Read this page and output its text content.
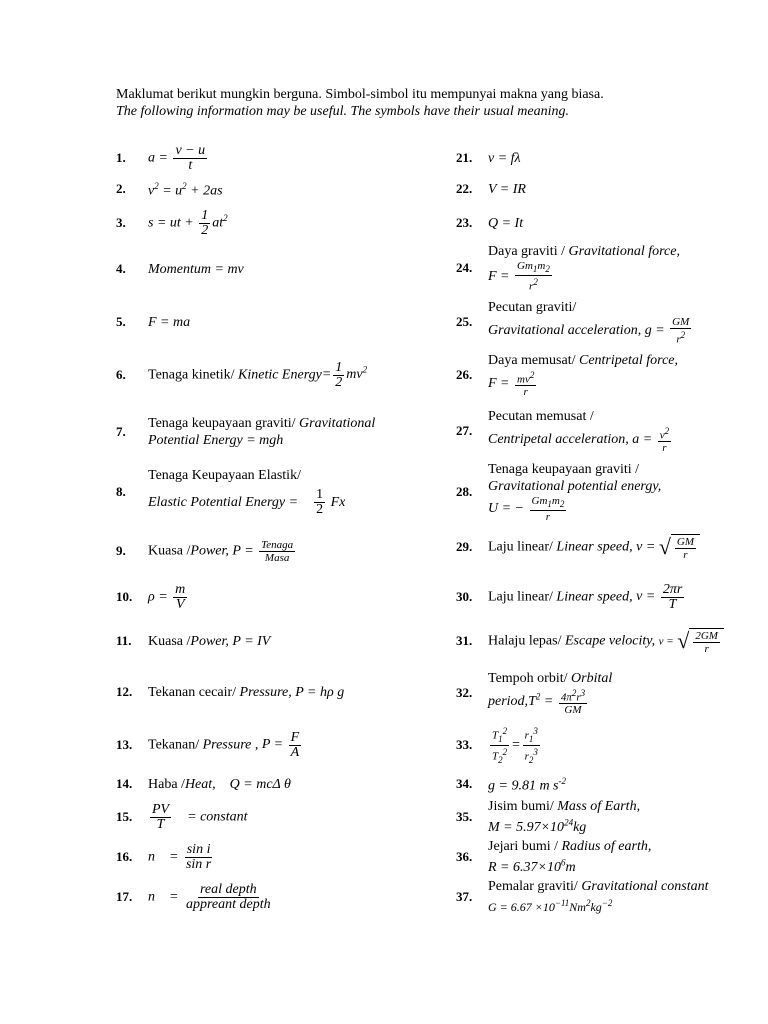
Maklumat berikut mungkin berguna. Simbol-simbol itu mempunyai makna yang biasa.
The following information may be useful. The symbols have their usual meaning.
1.	$a = \frac{v - u}{t}$
2.	$v^2 = u^2 + 2as$
3.	s = ut + $\frac{1}{2} at^2$
4.	Momentum = mv
5.	F = ma
6.	Tenaga kinetik/ Kinetic Energy= $\frac{1}{2} mv^2$
7.
Tenaga keupayaan graviti/ Gravitational
Potential Energy = mgh
8.
Tenaga Keupayaan Elastik/

Elastic Potential Energy = $\frac{1}{2}$ Fx
9.	Kuasa /Power, $P = \frac{\text{Tenaga}}{\text{Masa}}$
10.	$\rho = \frac{m}{V}$
11.	Kuasa /Power, P = IV
12.	Tekanan cecair/ Pressure, P = hρ g
13.	Tekanan/ Pressure , $P = \frac{F}{A}$
14.	Haba /Heat, Q = mcΔ θ
15.	$\frac{PV}{T}$ = constant
16.	$n = \frac{\text{sin i}}{\text{sin r}}$
17.	$n = \frac{\text{real depth}}{\text{appreant depth}}$
21.	v = fλ
22.	V = IR
23.	Q = It
24.
Daya graviti / Gravitational force,
$F = \frac{Gm_1m_2}{r^2}$
25.
Pecutan graviti/
Gravitational acceleration, $g = \frac{GM}{r^2}$
26.
Daya memusat/ Centripetal force,
$F = \frac{mv^2}{r}$
27.
Pecutan memusat /
Centripetal acceleration, $a = \frac{v^2}{r}$
28.
Tenaga keupayaan graviti /
Gravitational potential energy,
U = − $\frac{Gm_1m_2}{r}$
29.	Laju linear/ Linear speed, v = √ $\frac{GM}{r}$
30.	Laju linear/ Linear speed, $v = \frac{2\pi r}{T}$
31.	Halaju lepas/ Escape velocity, v = √ $\frac{2GM}{r}$
32.
Tempoh orbit/ Orbital
$period,T^2 = \frac{4\pi^2r^3}{GM}$
33.	$\frac{T_1^2}{T_2^2} = \frac{r_1^3}{r_2^3}$
34.	g = 9.81 m $s^{-2}$
35.
Jisim bumi/ Mass of Earth,
$M = 5.97\times 10^{24}kg$
36.
Jejari bumi / Radius of earth,
$R = 6.37\times 10^6m$
37.
Pemalar graviti/ Gravitational constant
$G = 6.67 \times 10^{-11}Nm^2kg^{-2}$
